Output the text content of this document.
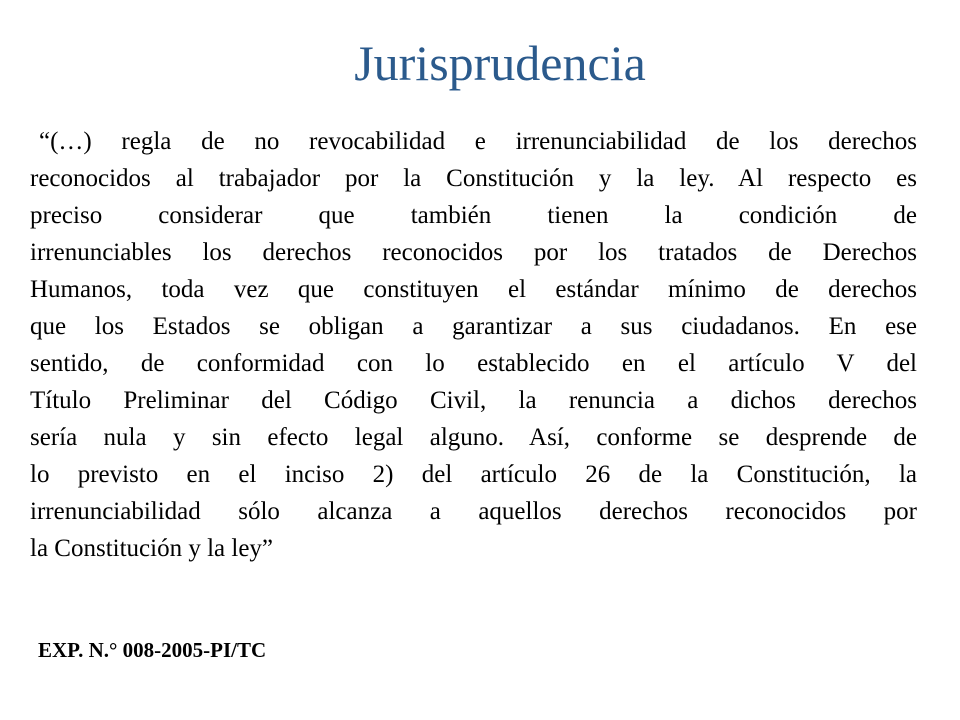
Jurisprudencia
“(…) regla de no revocabilidad e irrenunciabilidad de los derechos
reconocidos al trabajador por la Constitución y la ley. Al respecto es
preciso considerar que también tienen la condición de
irrenunciables los derechos reconocidos por los tratados de Derechos
Humanos, toda vez que constituyen el estándar mínimo de derechos
que los Estados se obligan a garantizar a sus ciudadanos. En ese
sentido, de conformidad con lo establecido en el artículo V del
Título Preliminar del Código Civil, la renuncia a dichos derechos
sería nula y sin efecto legal alguno. Así, conforme se desprende de
lo previsto en el inciso 2) del artículo 26 de la Constitución, la
irrenunciabilidad sólo alcanza a aquellos derechos reconocidos por
la Constitución y la ley”

EXP. N.° 008-2005-PI/TC
